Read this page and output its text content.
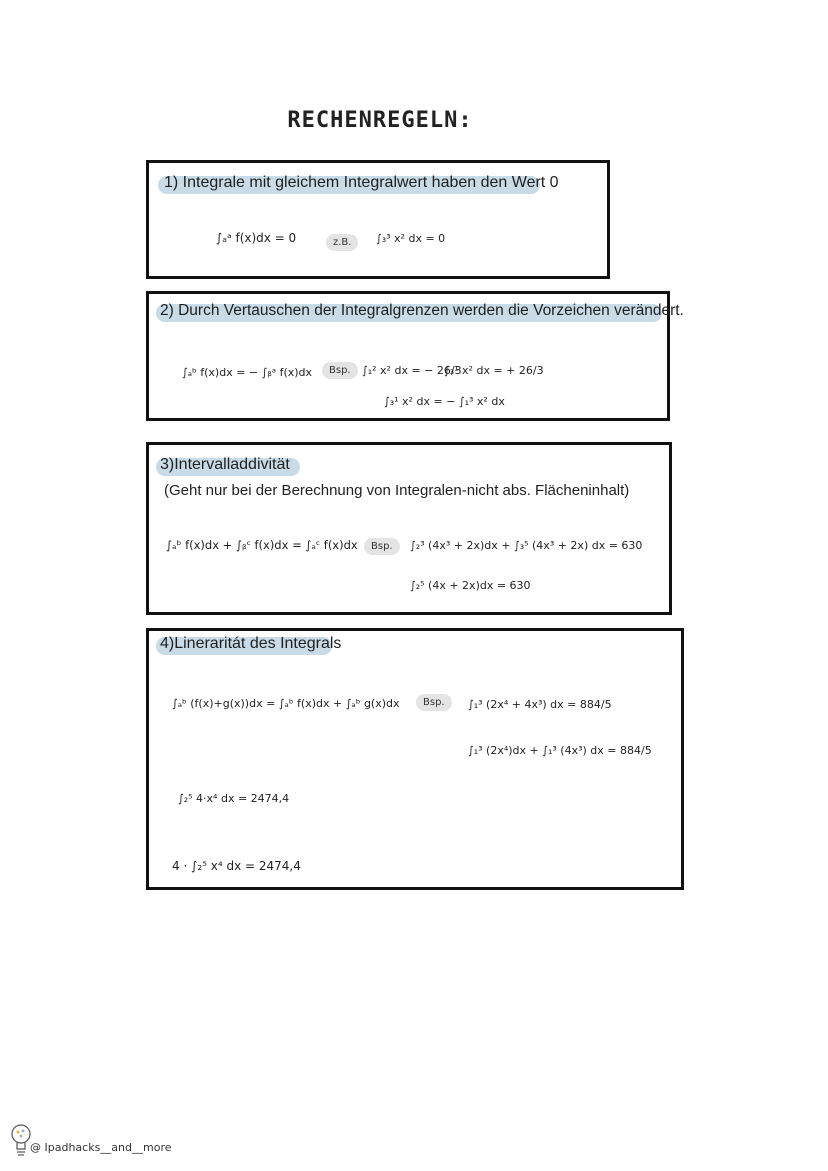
RECHENREGELN:
1) Integrale mit gleichem Integralwert haben den Wert 0
∫ₐᵃ f(x)dx = 0	z.B.	∫₃³ x² dx = 0
2) Durch Vertauschen der Integralgrenzen werden die Vorzeichen verändert.
∫ₐᵇ f(x)dx = − ∫ᵦᵃ f(x)dx	Bsp.	∫₁² x² dx = − 26/3
∫₃¹ x² dx = + 26/3
∫₃¹ x² dx = − ∫₁³ x² dx
3)Intervalladdivität
(Geht nur bei der Berechnung von Integralen-nicht abs. Flächeninhalt)
∫ₐᵇ f(x)dx + ∫ᵦᶜ f(x)dx = ∫ₐᶜ f(x)dx	Bsp.	∫₂³ (4x³ + 2x)dx + ∫₃⁵ (4x³ + 2x) dx = 630
∫₂⁵ (4x + 2x)dx = 630
4)Lineraritát des Integrals
∫ₐᵇ (f(x)+g(x))dx = ∫ₐᵇ f(x)dx + ∫ₐᵇ g(x)dx	Bsp.	∫₁³ (2x⁴ + 4x³) dx = 884/5
∫₁³ (2x⁴)dx + ∫₁³ (4x³) dx = 884/5
∫₂⁵ 4·x⁴ dx = 2474,4
4 · ∫₂⁵ x⁴ dx = 2474,4
@ Ipadhacks__and__more
